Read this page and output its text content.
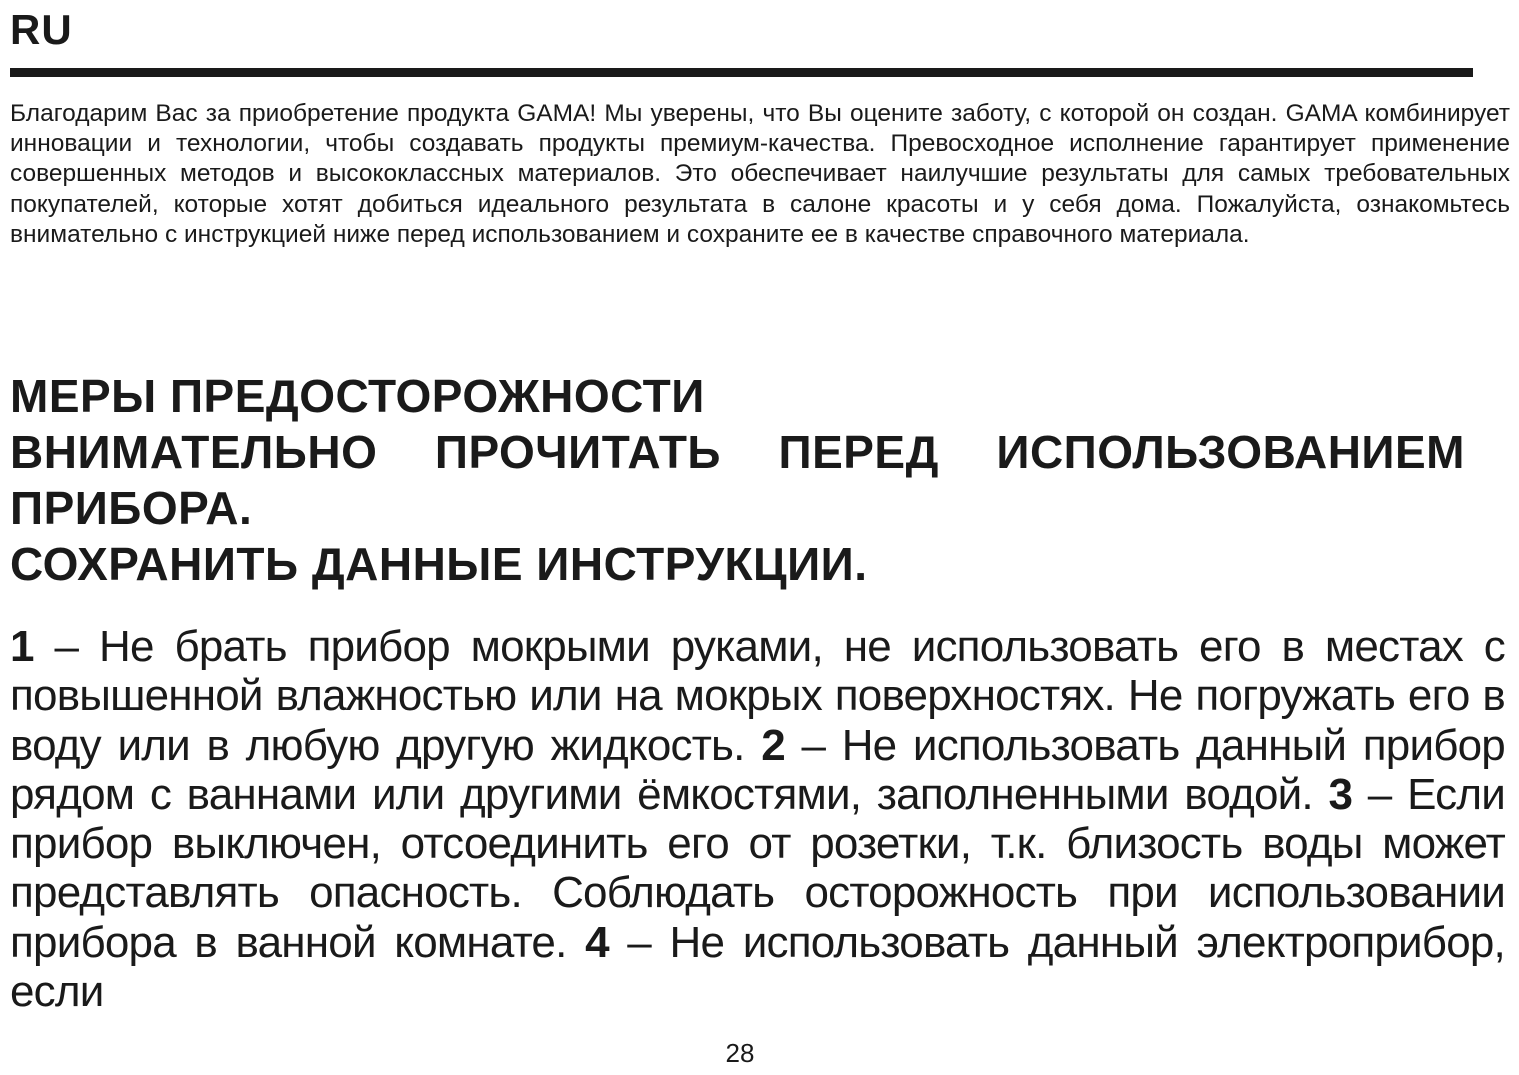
RU

Благодарим Вас за приобретение продукта GAMA! Мы уверены, что Вы оцените заботу, с которой он создан. GAMA комбинирует инновации и технологии, чтобы создавать продукты премиум-качества. Превосходное исполнение гарантирует применение совершенных методов и высококлассных материалов. Это обеспечивает наилучшие результаты для самых требовательных покупателей, которые хотят добиться идеального результата в салоне красоты и у себя дома. Пожалуйста, ознакомьтесь внимательно с инструкцией ниже перед использованием и сохраните ее в качестве справочного материала.

МЕРЫ ПРЕДОСТОРОЖНОСТИ
ВНИМАТЕЛЬНО ПРОЧИТАТЬ ПЕРЕД ИСПОЛЬЗОВАНИЕМ ПРИБОРА.
СОХРАНИТЬ ДАННЫЕ ИНСТРУКЦИИ.

1 – Не брать прибор мокрыми руками, не использовать его в местах с повышенной влажностью или на мокрых поверхностях. Не погружать его в воду или в любую другую жидкость. 2 – Не использовать данный прибор рядом с ваннами или другими ёмкостями, заполненными водой. 3 – Если прибор выключен, отсоединить его от розетки, т.к. близость воды может представлять опасность. Соблюдать осторожность при использовании прибора в ванной комнате. 4 – Не использовать данный электроприбор, если

28
